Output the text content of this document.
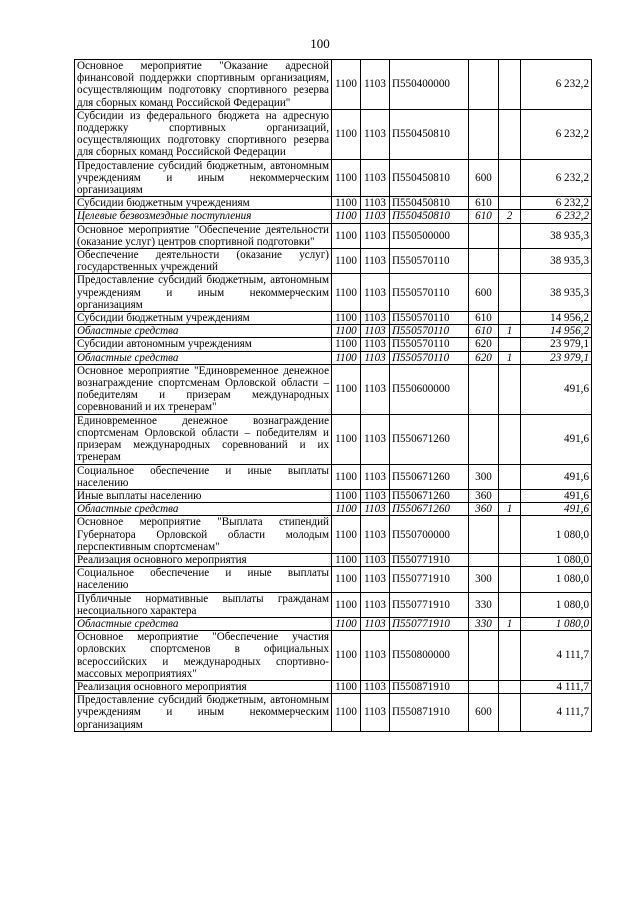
100
Основное мероприятие "Оказание адресной финансовой поддержки спортивным организациям, осуществляющим подготовку спортивного резерва для сборных команд Российской Федерации"	1100	1103	П550400000			6 232,2
Субсидии из федерального бюджета на адресную поддержку спортивных организаций, осуществляющих подготовку спортивного резерва для сборных команд Российской Федерации	1100	1103	П550450810			6 232,2
Предоставление субсидий бюджетным, автономным учреждениям и иным некоммерческим организациям	1100	1103	П550450810	600		6 232,2
Субсидии бюджетным учреждениям	1100	1103	П550450810	610		6 232,2
Целевые безвозмездные поступления	1100	1103	П550450810	610	2	6 232,2
Основное мероприятие "Обеспечение деятельности (оказание услуг) центров спортивной подготовки"	1100	1103	П550500000			38 935,3
Обеспечение деятельности (оказание услуг) государственных учреждений	1100	1103	П550570110			38 935,3
Предоставление субсидий бюджетным, автономным учреждениям и иным некоммерческим организациям	1100	1103	П550570110	600		38 935,3
Субсидии бюджетным учреждениям	1100	1103	П550570110	610		14 956,2
Областные средства	1100	1103	П550570110	610	1	14 956,2
Субсидии автономным учреждениям	1100	1103	П550570110	620		23 979,1
Областные средства	1100	1103	П550570110	620	1	23 979,1
Основное мероприятие "Единовременное денежное вознаграждение спортсменам Орловской области – победителям и призерам международных соревнований и их тренерам"	1100	1103	П550600000			491,6
Единовременное денежное вознаграждение спортсменам Орловской области – победителям и призерам международных соревнований и их тренерам	1100	1103	П550671260			491,6
Социальное обеспечение и иные выплаты населению	1100	1103	П550671260	300		491,6
Иные выплаты населению	1100	1103	П550671260	360		491,6
Областные средства	1100	1103	П550671260	360	1	491,6
Основное мероприятие "Выплата стипендий Губернатора Орловской области молодым перспективным спортсменам"	1100	1103	П550700000			1 080,0
Реализация основного мероприятия	1100	1103	П550771910			1 080,0
Социальное обеспечение и иные выплаты населению	1100	1103	П550771910	300		1 080,0
Публичные нормативные выплаты гражданам несоциального характера	1100	1103	П550771910	330		1 080,0
Областные средства	1100	1103	П550771910	330	1	1 080,0
Основное мероприятие "Обеспечение участия орловских спортсменов в официальных всероссийских и международных спортивно-массовых мероприятиях"	1100	1103	П550800000			4 111,7
Реализация основного мероприятия	1100	1103	П550871910			4 111,7
Предоставление субсидий бюджетным, автономным учреждениям и иным некоммерческим организациям	1100	1103	П550871910	600		4 111,7
